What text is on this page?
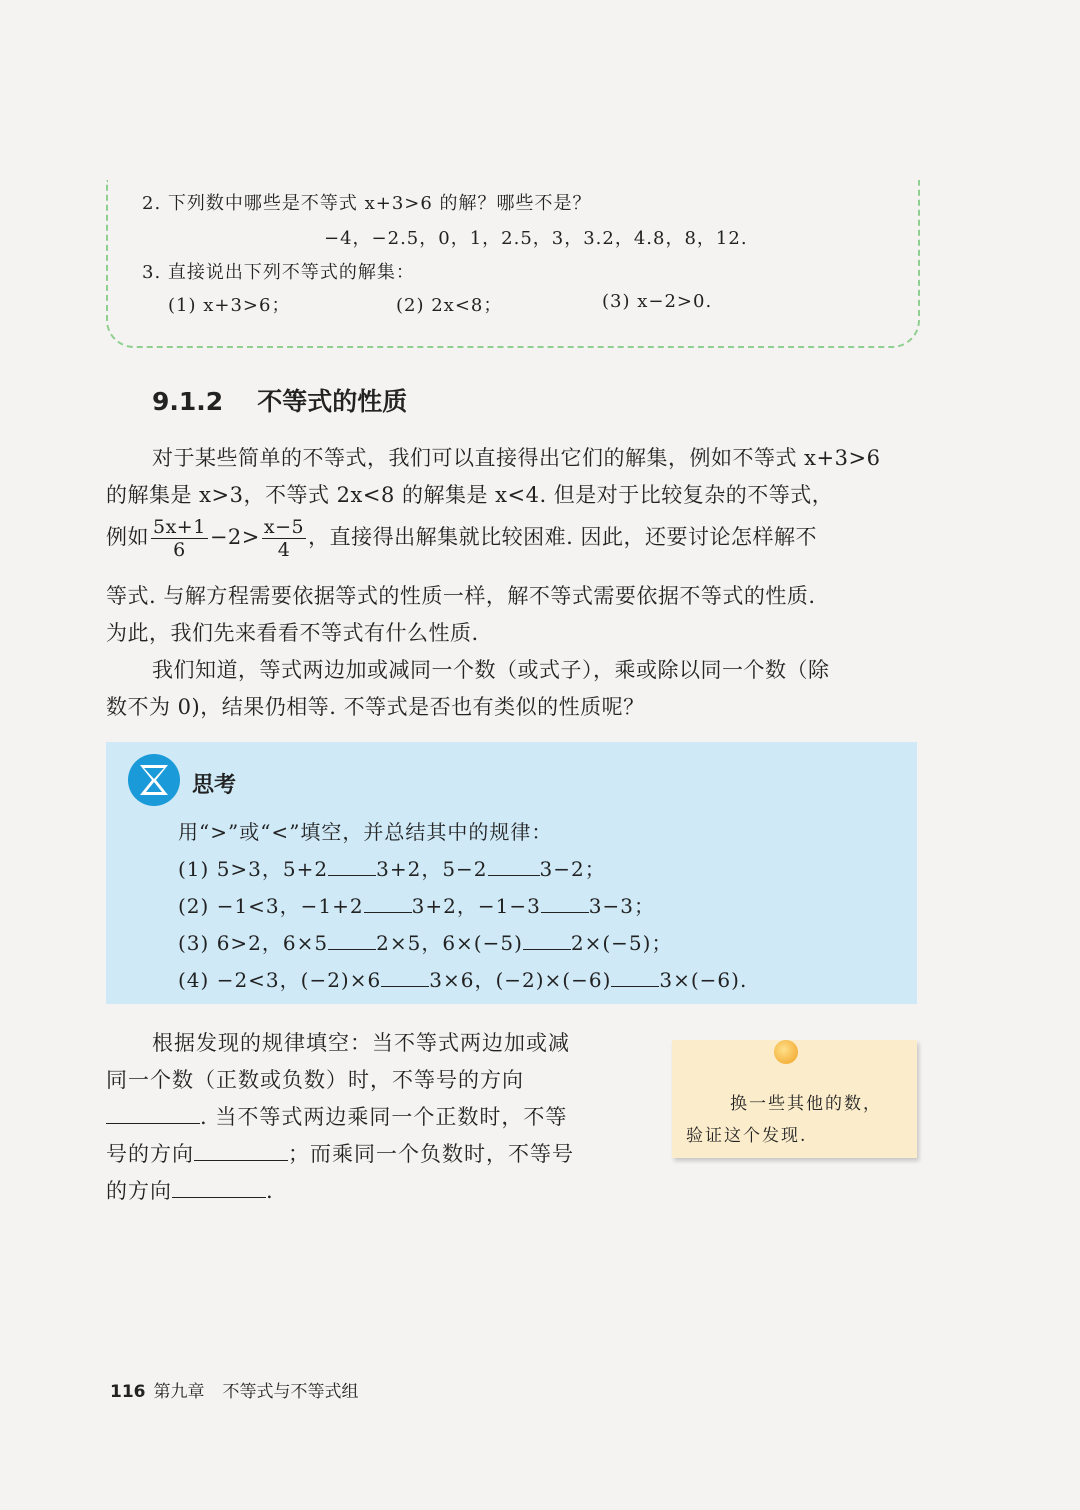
2. 下列数中哪些是不等式 x+3>6 的解？哪些不是？
−4，−2.5，0，1，2.5，3，3.2，4.8，8，12.
3. 直接说出下列不等式的解集：
(1) x+3>6；	(2) 2x<8；	(3) x−2>0.
9.1.2 不等式的性质
对于某些简单的不等式，我们可以直接得出它们的解集，例如不等式 x+3>6
的解集是 x>3，不等式 2x<8 的解集是 x<4. 但是对于比较复杂的不等式，
例如 $\frac{5x+1}{6} -2> \frac{x-5}{4}$ ，直接得出解集就比较困难. 因此，还要讨论怎样解不
等式. 与解方程需要依据等式的性质一样，解不等式需要依据不等式的性质.
为此，我们先来看看不等式有什么性质.
我们知道，等式两边加或减同一个数（或式子），乘或除以同一个数（除
数不为 0)，结果仍相等. 不等式是否也有类似的性质呢？
思考
用“>”或“<”填空，并总结其中的规律：
(1) 5>3，5+2 3+2，5−2	3−2；
(2) −1<3，−1+2 3+2，−1−3 3−3；
(3) 6>2，6×5 2×5，6×(−5) 2×(−5)；
(4) −2<3，(−2)×6 3×6，(−2)×(−6) 3×(−6).
根据发现的规律填空：当不等式两边加或减
同一个数（正数或负数）时，不等号的方向
. 当不等式两边乘同一个正数时，不等
号的方向	；而乘同一个负数时，不等号
的方向	.
换一些其他的数，
验证这个发现.
116 第九章 不等式与不等式组
